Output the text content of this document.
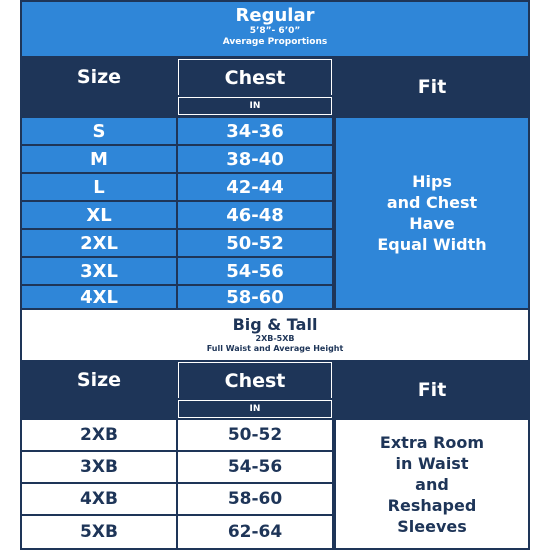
Regular
5’8”- 6’0”
Average Proportions
Size	Chest
IN
Fit
S	34-36
M	38-40
L	42-44
XL	46-48
2XL	50-52
3XL	54-56
4XL	58-60
Hips
and Chest
Have
Equal Width
Big & Tall
2XB-5XB
Full Waist and Average Height
Size	Chest
IN
Fit
2XB	50-52
3XB	54-56
4XB	58-60
5XB	62-64
Extra Room
in Waist
and
Reshaped
Sleeves
